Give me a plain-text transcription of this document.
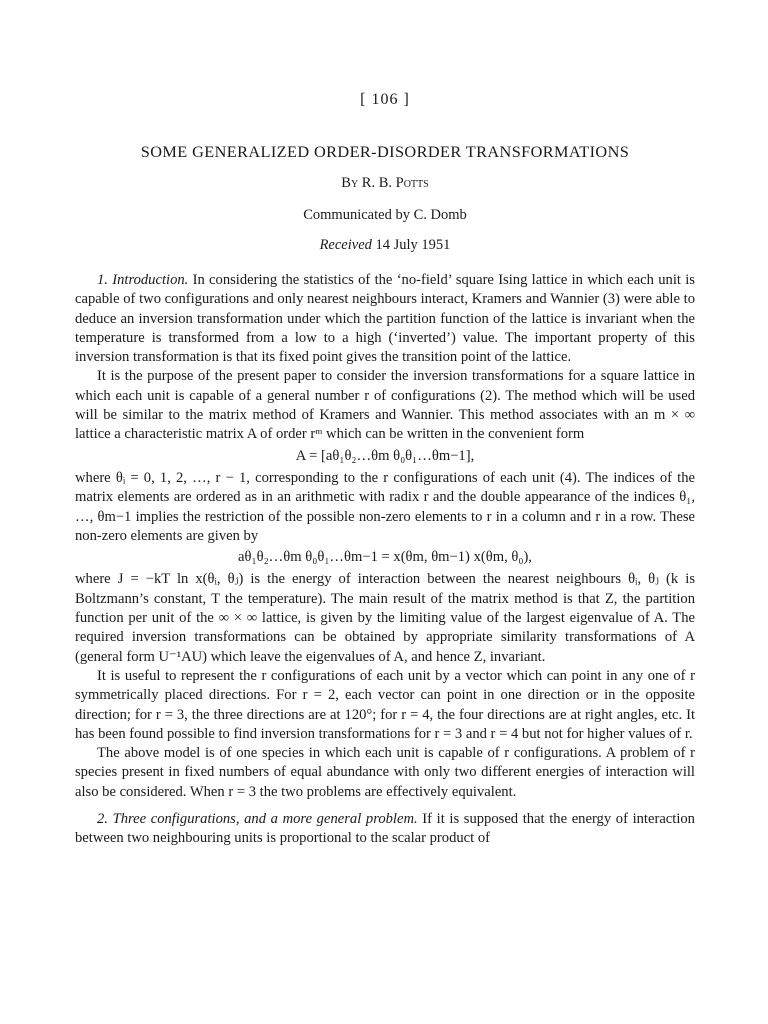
[ 106 ]
SOME GENERALIZED ORDER-DISORDER TRANSFORMATIONS
By R. B. Potts
Communicated by C. Domb
Received 14 July 1951

1. Introduction. In considering the statistics of the ‘no-field’ square Ising lattice in which each unit is capable of two configurations and only nearest neighbours interact, Kramers and Wannier (3) were able to deduce an inversion transformation under which the partition function of the lattice is invariant when the temperature is transformed from a low to a high (‘inverted’) value. The important property of this inversion transformation is that its fixed point gives the transition point of the lattice.

It is the purpose of the present paper to consider the inversion transformations for a square lattice in which each unit is capable of a general number r of configurations (2). The method which will be used will be similar to the matrix method of Kramers and Wannier. This method associates with an m × ∞ lattice a characteristic matrix A of order rᵐ which can be written in the convenient form

A = [aθ₁θ₂…θm θ₀θ₁…θm−1],

where θᵢ = 0, 1, 2, …, r − 1, corresponding to the r configurations of each unit (4). The indices of the matrix elements are ordered as in an arithmetic with radix r and the double appearance of the indices θ₁, …, θm−1 implies the restriction of the possible non-zero elements to r in a column and r in a row. These non-zero elements are given by

aθ₁θ₂…θm θ₀θ₁…θm−1 = x(θm, θm−1) x(θm, θ₀),

where J = −kT ln x(θᵢ, θⱼ) is the energy of interaction between the nearest neighbours θᵢ, θⱼ (k is Boltzmann’s constant, T the temperature). The main result of the matrix method is that Z, the partition function per unit of the ∞ × ∞ lattice, is given by the limiting value of the largest eigenvalue of A. The required inversion transformations can be obtained by appropriate similarity transformations of A (general form U⁻¹AU) which leave the eigenvalues of A, and hence Z, invariant.

It is useful to represent the r configurations of each unit by a vector which can point in any one of r symmetrically placed directions. For r = 2, each vector can point in one direction or in the opposite direction; for r = 3, the three directions are at 120°; for r = 4, the four directions are at right angles, etc. It has been found possible to find inversion transformations for r = 3 and r = 4 but not for higher values of r.

The above model is of one species in which each unit is capable of r configurations. A problem of r species present in fixed numbers of equal abundance with only two different energies of interaction will also be considered. When r = 3 the two problems are effectively equivalent.

2. Three configurations, and a more general problem. If it is supposed that the energy of interaction between two neighbouring units is proportional to the scalar product of
